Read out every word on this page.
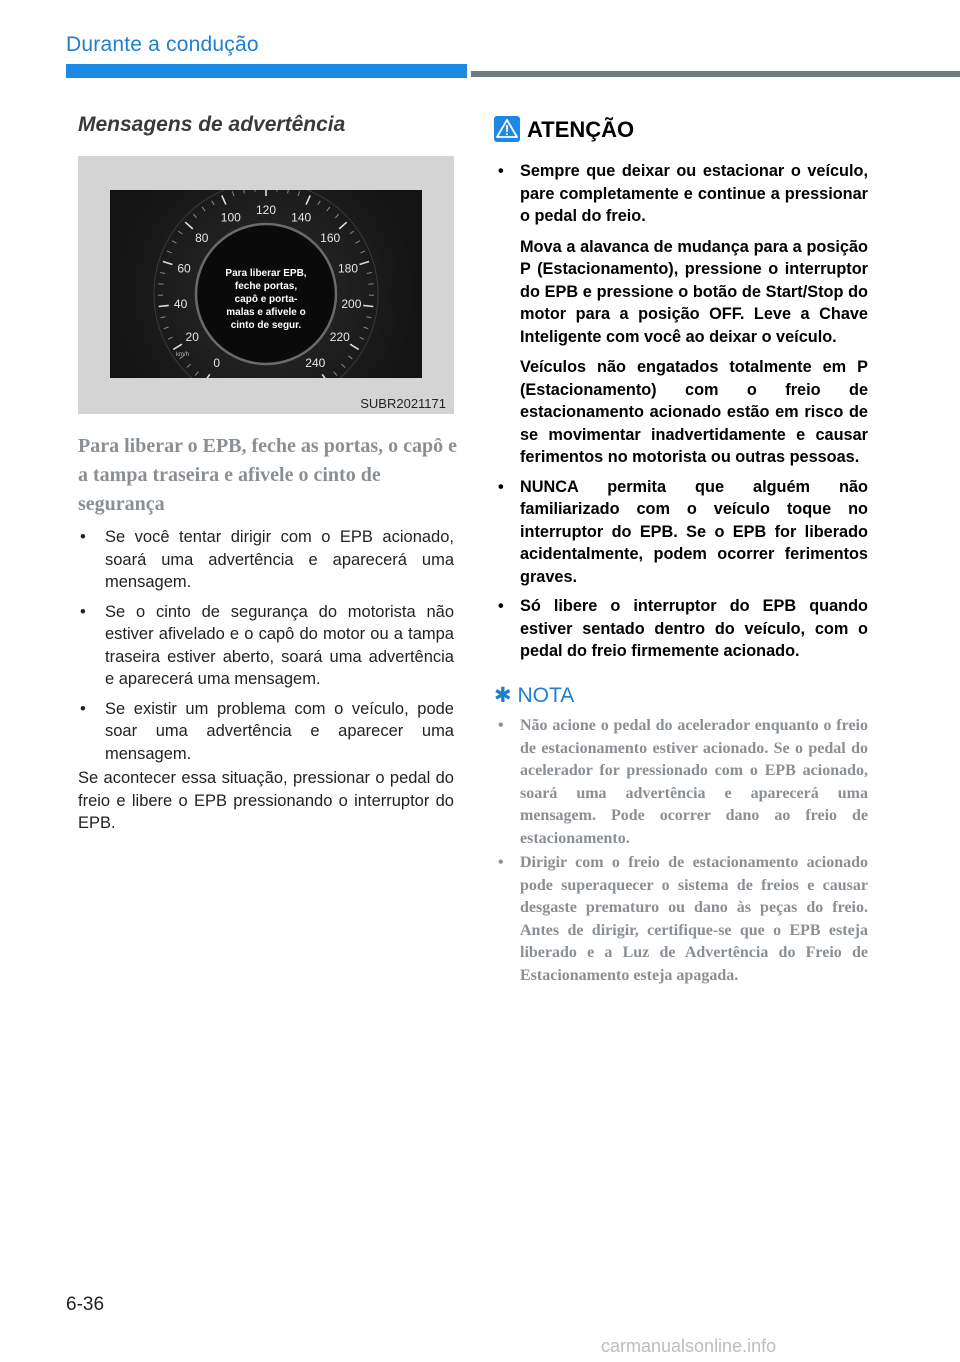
Durante a condução
Mensagens de advertência
0
20
40
60
80
100
120
140
160
180
200
220
240
Para liberar EPB,
feche portas,
capô e porta-
malas e afivele o
cinto de segur.
km/h
SUBR2021171
Para liberar o EPB, feche as portas, o capô e a tampa traseira e afivele o cinto de segurança
• Se você tentar dirigir com o EPB acionado, soará uma advertência e aparecerá uma mensagem.
• Se o cinto de segurança do motorista não estiver afivelado e o capô do motor ou a tampa traseira estiver aberto, soará uma advertência e aparecerá uma mensagem.
• Se existir um problema com o veículo, pode soar uma advertência e aparecer uma mensagem.
Se acontecer essa situação, pressionar o pedal do freio e libere o EPB pressionando o interruptor do EPB.
ATENÇÃO
• Sempre que deixar ou estacionar o veículo, pare completamente e continue a pressionar o pedal do freio.

Mova a alavanca de mudança para a posição P (Estacionamento), pressione o interruptor do EPB e pressione o botão de Start/Stop do motor para a posição OFF. Leve a Chave Inteligente com você ao deixar o veículo.

Veículos não engatados totalmente em P (Estacionamento) com o freio de estacionamento acionado estão em risco de se movimentar inadvertidamente e causar ferimentos no motorista ou outras pessoas.

• NUNCA permita que alguém não familiarizado com o veículo toque no interruptor do EPB. Se o EPB for liberado acidentalmente, podem ocorrer ferimentos graves.

• Só libere o interruptor do EPB quando estiver sentado dentro do veículo, com o pedal do freio firmemente acionado.

✱ NOTA
• Não acione o pedal do acelerador enquanto o freio de estacionamento estiver acionado. Se o pedal do acelerador for pressionado com o EPB acionado, soará uma advertência e aparecerá uma mensagem. Pode ocorrer dano ao freio de estacionamento.
• Dirigir com o freio de estacionamento acionado pode superaquecer o sistema de freios e causar desgaste prematuro ou dano às peças do freio. Antes de dirigir, certifique-se que o EPB esteja liberado e a Luz de Advertência do Freio de Estacionamento esteja apagada.
6-36
carmanualsonline.info
